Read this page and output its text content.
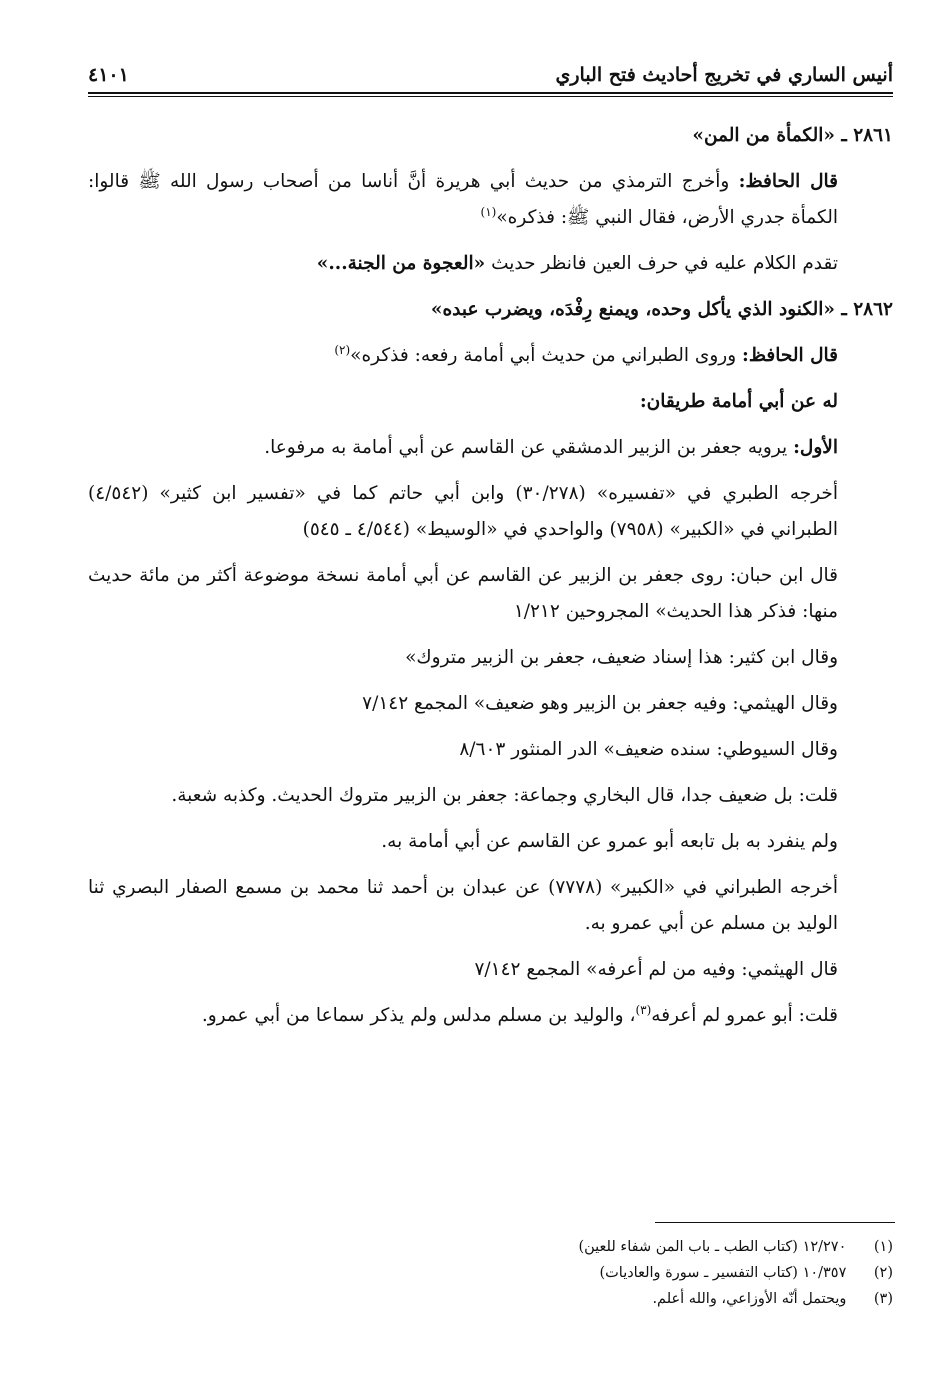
أنيس الساري في تخريج أحاديث فتح الباري
٤١٠١

٢٨٦١ ـ «الكمأة من المن»

قال الحافظ: وأخرج الترمذي من حديث أبي هريرة أنَّ أناسا من أصحاب رسول الله ﷺ قالوا: الكمأة جدري الأرض، فقال النبي ﷺ: فذكره»$^{(١)}$

تقدم الكلام عليه في حرف العين فانظر حديث «العجوة من الجنة...»

٢٨٦٢ ـ «الكنود الذي يأكل وحده، ويمنع رِفْدَه، ويضرب عبده»

قال الحافظ: وروى الطبراني من حديث أبي أمامة رفعه: فذكره»$^{(٢)}$

له عن أبي أمامة طريقان:

الأول: يرويه جعفر بن الزبير الدمشقي عن القاسم عن أبي أمامة به مرفوعا.

أخرجه الطبري في «تفسيره» (٣٠/٢٧٨) وابن أبي حاتم كما في «تفسير ابن كثير» (٤/٥٤٢) الطبراني في «الكبير» (٧٩٥٨) والواحدي في «الوسيط» (٤/٥٤٤ ـ ٥٤٥)

قال ابن حبان: روى جعفر بن الزبير عن القاسم عن أبي أمامة نسخة موضوعة أكثر من مائة حديث منها: فذكر هذا الحديث» المجروحين ١/٢١٢

وقال ابن كثير: هذا إسناد ضعيف، جعفر بن الزبير متروك»

وقال الهيثمي: وفيه جعفر بن الزبير وهو ضعيف» المجمع ٧/١٤٢

وقال السيوطي: سنده ضعيف» الدر المنثور ٨/٦٠٣

قلت: بل ضعيف جدا، قال البخاري وجماعة: جعفر بن الزبير متروك الحديث. وكذبه شعبة.

ولم ينفرد به بل تابعه أبو عمرو عن القاسم عن أبي أمامة به.

أخرجه الطبراني في «الكبير» (٧٧٧٨) عن عبدان بن أحمد ثنا محمد بن مسمع الصفار البصري ثنا الوليد بن مسلم عن أبي عمرو به.

قال الهيثمي: وفيه من لم أعرفه» المجمع ٧/١٤٢

قلت: أبو عمرو لم أعرفه$^{(٣)}$، والوليد بن مسلم مدلس ولم يذكر سماعا من أبي عمرو.

(١) ١٢/٢٧٠ (كتاب الطب ـ باب المن شفاء للعين)
(٢) ١٠/٣٥٧ (كتاب التفسير ـ سورة والعاديات)
(٣) ويحتمل أنّه الأوزاعي، والله أعلم.
